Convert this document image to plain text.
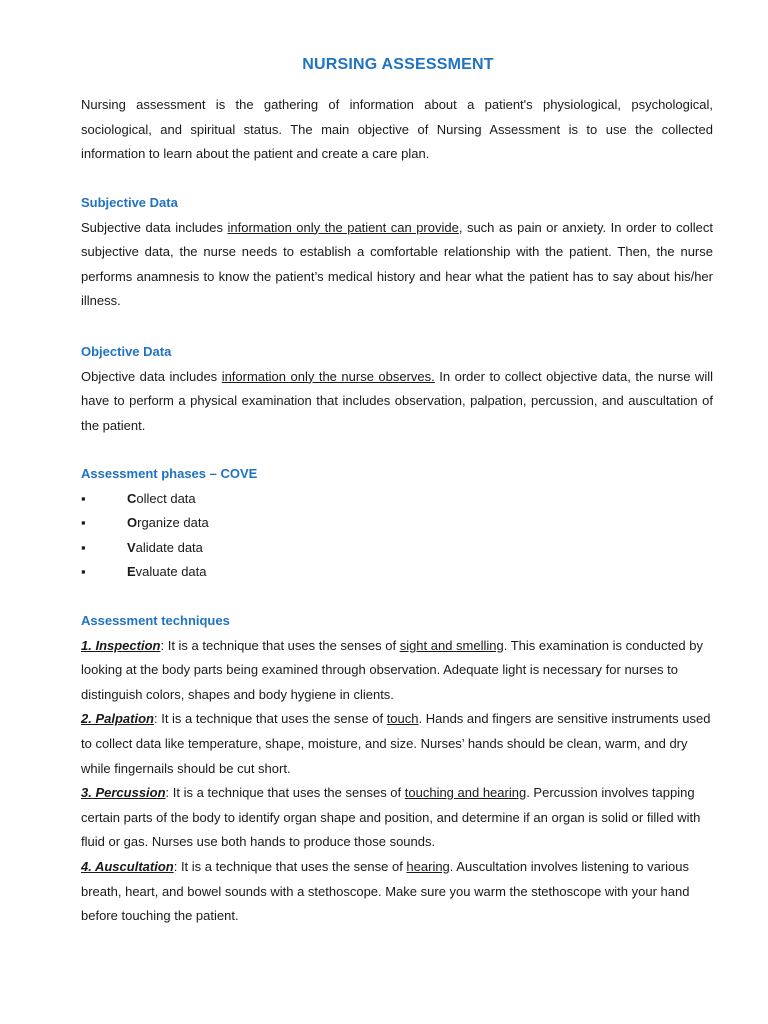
NURSING ASSESSMENT

Nursing assessment is the gathering of information about a patient's physiological, psychological, sociological, and spiritual status. The main objective of Nursing Assessment is to use the collected information to learn about the patient and create a care plan.

Subjective Data

Subjective data includes information only the patient can provide, such as pain or anxiety. In order to collect subjective data, the nurse needs to establish a comfortable relationship with the patient. Then, the nurse performs anamnesis to know the patient’s medical history and hear what the patient has to say about his/her illness.

Objective Data

Objective data includes information only the nurse observes. In order to collect objective data, the nurse will have to perform a physical examination that includes observation, palpation, percussion, and auscultation of the patient.

Assessment phases – COVE
▪	Collect data
▪	Organize data
▪	Validate data
▪	Evaluate data
Assessment techniques

1. Inspection: It is a technique that uses the senses of sight and smelling. This examination is conducted by looking at the body parts being examined through observation. Adequate light is necessary for nurses to distinguish colors, shapes and body hygiene in clients.

2. Palpation: It is a technique that uses the sense of touch. Hands and fingers are sensitive instruments used to collect data like temperature, shape, moisture, and size. Nurses’ hands should be clean, warm, and dry while fingernails should be cut short.

3. Percussion: It is a technique that uses the senses of touching and hearing. Percussion involves tapping certain parts of the body to identify organ shape and position, and determine if an organ is solid or filled with fluid or gas. Nurses use both hands to produce those sounds.

4. Auscultation: It is a technique that uses the sense of hearing. Auscultation involves listening to various breath, heart, and bowel sounds with a stethoscope. Make sure you warm the stethoscope with your hand before touching the patient.
